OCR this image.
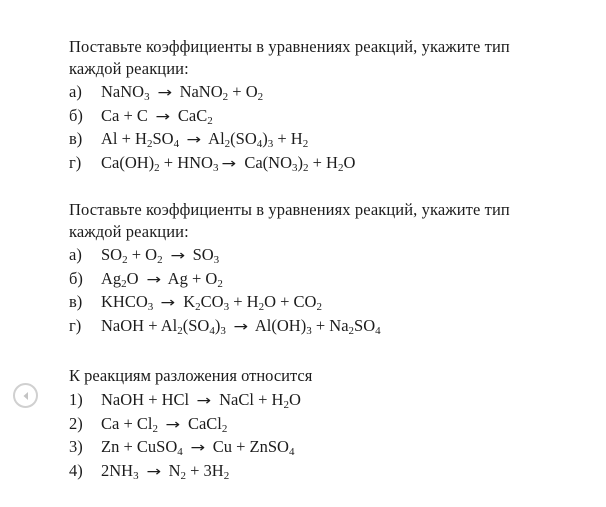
Поставьте коэффициенты в уравнениях реакций, укажите тип
каждой реакции:
а) NaNO$_3$ → NaNO$_2$ + $O_2$
б) Ca + C → CaC$_2$
в) $Al + H_2SO_4 \to Al_2(SO_4)_3 + H_2$
г) $Ca(OH)_2 + HNO_3 \to Ca(NO_3)_2 + H_2O$
Поставьте коэффициенты в уравнениях реакций, укажите тип
каждой реакции:
а) $SO_2 + O_2 \to SO_3$
б) $Ag_2O \to Ag + O_2$
в) $KHCO_3 \to K_2CO_3 + H_2O + CO_2$
г) NaOH + $Al_2(SO_4)_3 \to Al(OH)_3 + Na_2SO_4$
К реакциям разложения относится
1) NaOH + HCl → NaCl + $H_2O$
2) $Ca + Cl_2$ → CaCl$_2$
3) Zn + CuSO$_4$ → Cu + ZnSO$_4$
4) $2NH_3 \to N_2 + 3H_2$
